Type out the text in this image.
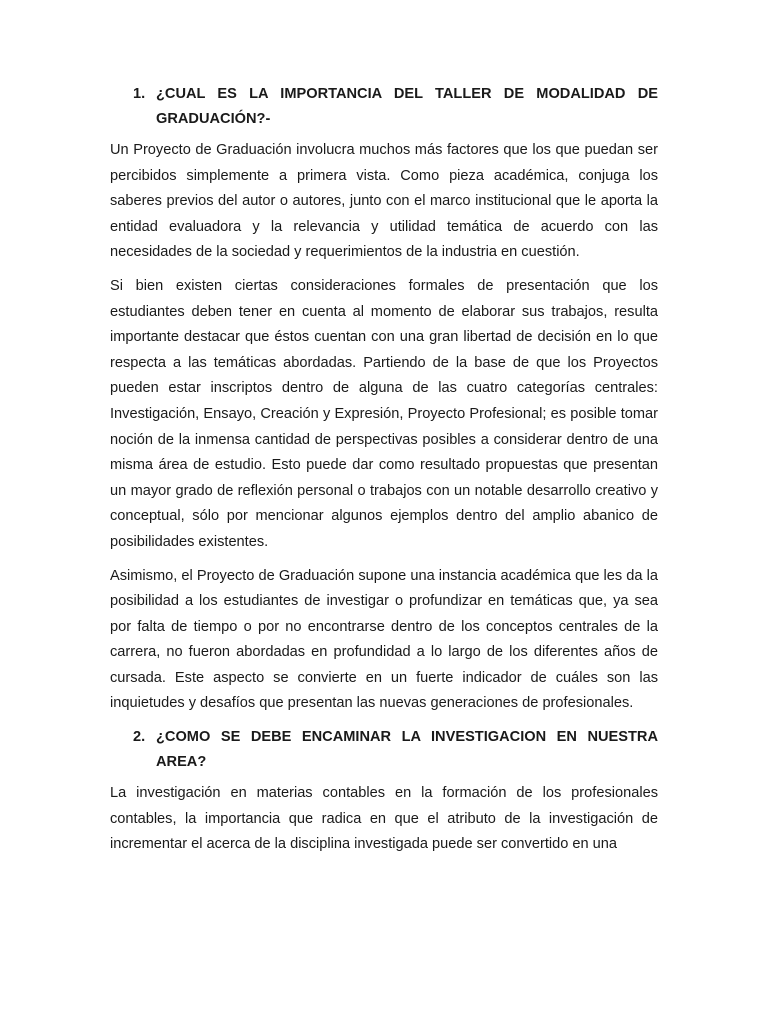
1. ¿CUAL ES LA IMPORTANCIA DEL TALLER DE MODALIDAD DE GRADUACIÓN?-

Un Proyecto de Graduación involucra muchos más factores que los que puedan ser percibidos simplemente a primera vista. Como pieza académica, conjuga los saberes previos del autor o autores, junto con el marco institucional que le aporta la entidad evaluadora y la relevancia y utilidad temática de acuerdo con las necesidades de la sociedad y requerimientos de la industria en cuestión.

Si bien existen ciertas consideraciones formales de presentación que los estudiantes deben tener en cuenta al momento de elaborar sus trabajos, resulta importante destacar que éstos cuentan con una gran libertad de decisión en lo que respecta a las temáticas abordadas. Partiendo de la base de que los Proyectos pueden estar inscriptos dentro de alguna de las cuatro categorías centrales: Investigación, Ensayo, Creación y Expresión, Proyecto Profesional; es posible tomar noción de la inmensa cantidad de perspectivas posibles a considerar dentro de una misma área de estudio. Esto puede dar como resultado propuestas que presentan un mayor grado de reflexión personal o trabajos con un notable desarrollo creativo y conceptual, sólo por mencionar algunos ejemplos dentro del amplio abanico de posibilidades existentes.

Asimismo, el Proyecto de Graduación supone una instancia académica que les da la posibilidad a los estudiantes de investigar o profundizar en temáticas que, ya sea por falta de tiempo o por no encontrarse dentro de los conceptos centrales de la carrera, no fueron abordadas en profundidad a lo largo de los diferentes años de cursada. Este aspecto se convierte en un fuerte indicador de cuáles son las inquietudes y desafíos que presentan las nuevas generaciones de profesionales.

2. ¿COMO SE DEBE ENCAMINAR LA INVESTIGACION EN NUESTRA AREA?

La investigación en materias contables en la formación de los profesionales contables, la importancia que radica en que el atributo de la investigación de incrementar el acerca de la disciplina investigada puede ser convertido en una
